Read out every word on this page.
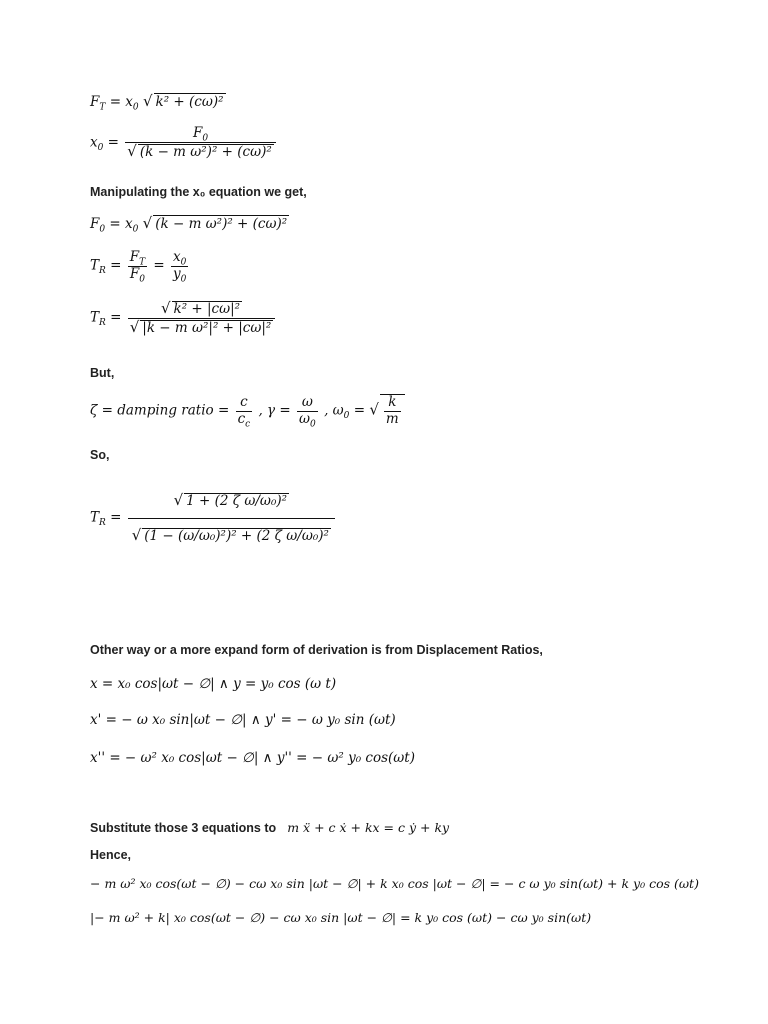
$F_T = x_0$ √ k² + (cω)²
$x_0 = \frac{F_0}{\text{√ (k − m ω²)² + (cω)²}}$
Manipulating the x₀ equation we get,
$F_0 = x_0$ √ (k − m ω²)² + (cω)²
$T_R = \frac{F_T}{F_0} = \frac{x_0}{y_0}$
$T_R = \frac{\text{√ k² + |cω|²}}{\text{√ |k − m ω²|² + |cω|²}}$
But,
ζ = damping ratio = $\frac{c}{c_c}$ , $\gamma = \frac{\omega}{\omega_0}$ , $\omega_0$ = √ $\frac{k}{m}$
So,
$T_R = \frac{\text{√ 1 + (2 ζ ω/ω₀)²}}{\text{√ (1 − (ω/ω₀)²)² + (2 ζ ω/ω₀)²}}$
Other way or a more expand form of derivation is from Displacement Ratios,
x = x₀ cos|ωt − ∅| ∧ y = y₀ cos (ω t)
x' = − ω x₀ sin|ωt − ∅| ∧ y' = − ω y₀ sin (ωt)
x'' = − ω² x₀ cos|ωt − ∅| ∧ y'' = − ω² y₀ cos(ωt)
Substitute those 3 equations to m ẍ + c ẋ + kx = c ẏ + ky
Hence,
− m ω² x₀ cos(ωt − ∅) − cω x₀ sin |ωt − ∅| + k x₀ cos |ωt − ∅| = − c ω y₀ sin(ωt) + k y₀ cos (ωt)
|− m ω² + k| x₀ cos(ωt − ∅) − cω x₀ sin |ωt − ∅| = k y₀ cos (ωt) − cω y₀ sin(ωt)
